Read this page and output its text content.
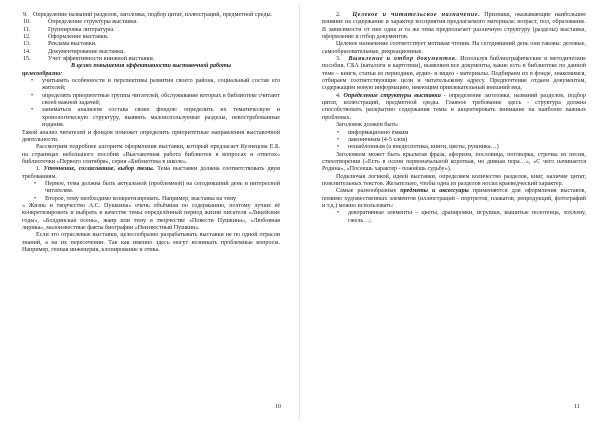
9. Определение названий разделов, заголовка, подбор цитат, иллюстраций, предметной среды.
10.	Определение структуры выставки.
11.	Группировка литературы.
12.	Оформление выставки.
13.	Реклама выставки.
14.	Документирование выставки.
15.	Учет эффективности книжной выставки.

В целях повышения эффективности выставочной работы

целесообразно:

• учитывать особенности и перспективы развития своего района, социальный состав его жителей;
• определять приоритетные группы читателей, обслуживание которых в библиотеке считают своей важной задачей;
• заниматься анализом состава своих фондов: определить их тематическую и хронологическую структуру, выявить малоиспользуемые разделы, невостребованные издания.

Такой анализ читателей и фондов поможет определить приоритетные направления выставочной деятельности.

Рассмотрим подробнее алгоритм оформления выставки, который предлагает Кузнецова Е.Б. на страницах небольшого пособия «Выставочная работа библиотек в вопросах и ответах» библиотечки «Первого сентября», серия «Библиотека в школе».

1. Уточнение, согласование, выбор темы. Тема выставки должна соответствовать двум требованиям.

• Первое, тема должна быть актуальной (проблемной) на сегодняшний день и интересной читателям.
• Второе, тему необходимо конкретизировать. Например, выставка на тему

« Жизнь и творчество А.С. Пушкина» очень объёмная по содержанию, поэтому лучше её конкретизировать и выбрать в качестве темы определённый период жизни писателя «Лицейские годы», «Болдинская осень», жанр или тему в творчестве «Повести Пушкина», «Любовная лирика», малоизвестные факты биографии «Неизвестный Пушкин».

Если это отраслевые выставки, целесообразно разрабатывать выставки не по одной отрасли знаний, а на их пересечении. Так как именно здесь могут возникать проблемные вопросы. Например, генная инженерия, клонирование и этика.

10

2. Целевое и читательское назначение. Признаки, оказывающие наибольшее влияние на содержание и характер восприятия предлагаемого материала: возраст, пол, образование. В зависимости от них одна и та же тема предполагает различную структуру (разделы) выставки, оформление и отбор документов.

Целевое назначение соответствует мотивам чтения. На сегодняшний день они таковы: деловые, самообразовательные, рекреационные.

3. Выявление и отбор документов. Используя библиографические и методические пособия, СБА (каталоги и картотеки), выявляем все документы, какие есть в библиотеке по данной теме – книги, статьи из периодики, аудио- и видео - материалы. Подбираем их в фонде, знакомимся, отбираем соответствующие цели и читательскому адресу. Предпочтение отдаем документам, содержащим новую информацию, имеющим привлекательный внешний вид.

4. Определение структуры выставки - определение заголовка, названий разделов, подбор цитат, иллюстраций, предметной среды. Главное требование здесь - структура должна способствовать раскрытию содержания темы и акцентировать внимание на наиболее важных проблемах.

Заголовок должен быть:

• информационно ёмким
• лаконичным (4-5 слов)
• нешаблонным (а внедеспотика, книги, цветы, рушника…)

Заголовком может быть крылатая фраза, афоризм, пословица, поговорка, строчка из песни, стихотворения («Есть в осени первоначальной короткая, но дивная пора…», «С чего начинается Родина», «Посеешь характер - пожнёшь судьбу»).

Подключая логикой, идеей выставки, определяем количество разделов, книг, наличие цитат, пояснительных текстов. Желательно, чтобы одна из разделов носил краеведческий характер.

Самые разнообразные предметы и аксессуары применяются для оформления выставок, помимо художественных элементов (иллюстраций - портретов, плакатов, репродукций, фотографий и т.д.) можно использовать:

• декоративные элементы – цветы, драпировки, игрушки, вышитые полотенца, хохлому, гжель…;
11
